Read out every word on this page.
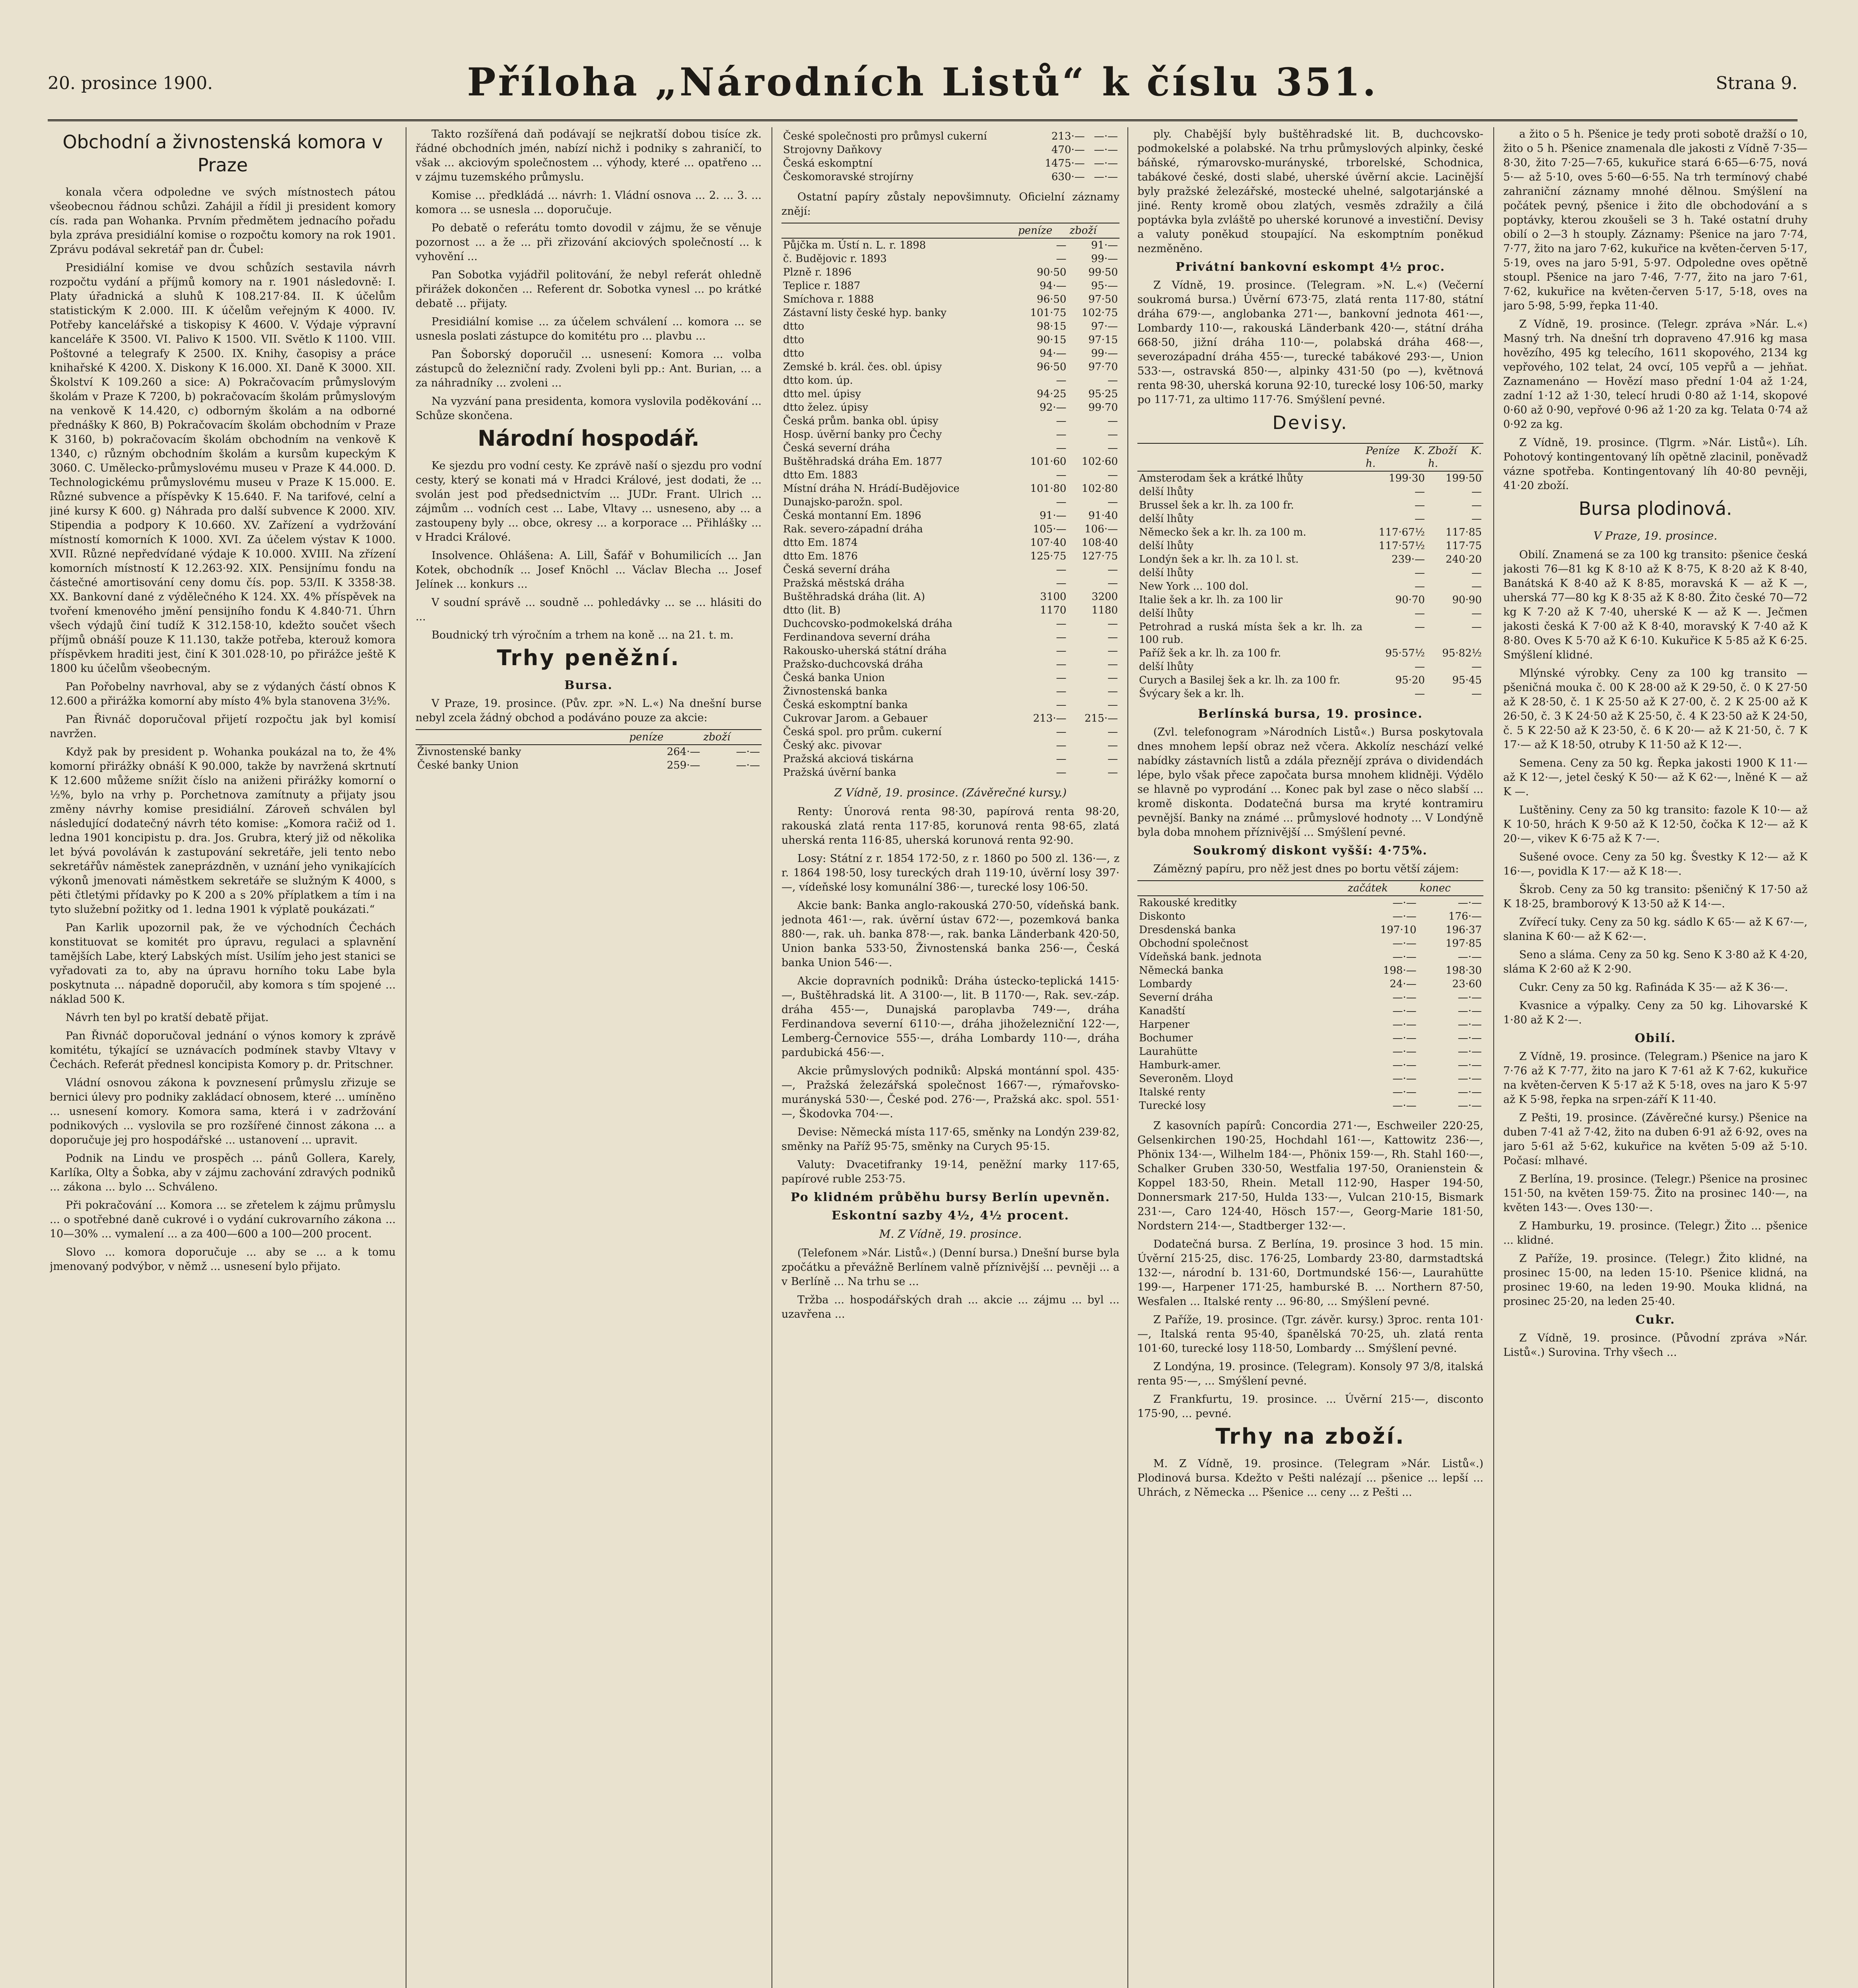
20. prosince 1900.	Příloha „Národních Listů“ k číslu 351.	Strana 9.
Obchodní a živnostenská komora v Praze

konala včera odpoledne ve svých místnostech pátou všeobecnou řádnou schůzi. Zahájil a řídil ji president komory cís. rada pan Wohanka. Prvním předmětem jednacího pořadu byla zpráva presidiální komise o rozpočtu komory na rok 1901. Zprávu podával sekretář pan dr. Čubel:

Presidiální komise ve dvou schůzích sestavila návrh rozpočtu vydání a příjmů komory na r. 1901 následovně: I. Platy úřadnická a sluhů K 108.217·84. II. K účelům statistickým K 2.000. III. K účelům veřejným K 4000. IV. Potřeby kancelářské a tiskopisy K 4600. V. Výdaje výpravní kanceláře K 3500. VI. Palivo K 1500. VII. Světlo K 1100. VIII. Poštovné a telegrafy K 2500. IX. Knihy, časopisy a práce knihařské K 4200. X. Diskony K 16.000. XI. Daně K 3000. XII. Školství K 109.260 a sice: A) Pokračovacím průmyslovým školám v Praze K 7200, b) pokračovacím školám průmyslovým na venkově K 14.420, c) odborným školám a na odborné přednášky K 860, B) Pokračovacím školám obchodním v Praze K 3160, b) pokračovacím školám obchodním na venkově K 1340, c) různým obchodním školám a kursům kupeckým K 3060. C. Umělecko-průmyslovému museu v Praze K 44.000. D. Technologickému průmyslovému museu v Praze K 15.000. E. Různé subvence a příspěvky K 15.640. F. Na tarifové, celní a jiné kursy K 600. g) Náhrada pro další subvence K 2000. XIV. Stipendia a podpory K 10.660. XV. Zařízení a vydržování místností komorních K 1000. XVI. Za účelem výstav K 1000. XVII. Různé nepředvídané výdaje K 10.000. XVIII. Na zřízení komorních místností K 12.263·92. XIX. Pensijnímu fondu na částečné amortisování ceny domu čís. pop. 53/II. K 3358·38. XX. Bankovní dané z výdělečného K 124. XX. 4% příspěvek na tvoření kmenového jmění pensijního fondu K 4.840·71. Úhrn všech výdajů činí tudíž K 312.158·10, kdežto součet všech příjmů obnáší pouze K 11.130, takže potřeba, kterouž komora příspěvkem hraditi jest, činí K 301.028·10, po přirážce ještě K 1800 ku účelům všeobecným.

Pan Pořobelny navrhoval, aby se z výdaných částí obnos K 12.600 a přirážka komorní aby místo 4% byla stanovena 3½%.

Pan Řivnáč doporučoval přijetí rozpočtu jak byl komisí navržen.

Když pak by president p. Wohanka poukázal na to, že 4% komorní přirážky obnáší K 90.000, takže by navržená skrtnutí K 12.600 můžeme snížit číslo na aniženi přirážky komorní o ½%, bylo na vrhy p. Porchetnova zamítnuty a přijaty jsou změny návrhy komise presidiální. Zároveň schválen byl následující dodatečný návrh této komise: „Komora račiž od 1. ledna 1901 koncipistu p. dra. Jos. Grubra, který již od několika let bývá povoláván k zastupování sekretáře, jeli tento nebo sekretářův náměstek zaneprázdněn, v uznání jeho vynikajících výkonů jmenovati náměstkem sekretáře se služným K 4000, s pěti čtletými přídavky po K 200 a s 20% příplatkem a tím i na tyto služební požitky od 1. ledna 1901 k výplatě poukázati.“

Pan Karlik upozornil pak, že ve východních Čechách konstituovat se komitét pro úpravu, regulaci a splavnění tamějších Labe, který Labských míst. Usilím jeho jest stanici se vyřadovati za to, aby na úpravu horního toku Labe byla poskytnuta ... nápadně doporučil, aby komora s tím spojené ... náklad 500 K.

Návrh ten byl po kratší debatě přijat.

Pan Řivnáč doporučoval jednání o výnos komory k zprávě komitétu, týkající se uznávacích podmínek stavby Vltavy v Čechách. Referát přednesl koncipista Komory p. dr. Pritschner.

Vládní osnovou zákona k povznesení průmyslu zřizuje se bernici úlevy pro podniky zakládací obnosem, které ... umíněno ... usnesení komory. Komora sama, která i v zadržování podnikových ... vyslovila se pro rozšířené činnost zákona ... a doporučuje jej pro hospodářské ... ustanovení ... upravit.

Podnik na Lindu ve prospěch ... pánů Gollera, Karely, Karlíka, Olty a Šobka, aby v zájmu zachování zdravých podniků ... zákona ... bylo ... Schváleno.

Při pokračování ... Komora ... se zřetelem k zájmu průmyslu ... o spotřebné daně cukrové i o vydání cukrovarního zákona ... 10—30% ... vymalení ... a za 400—600 a 100—200 procent.

Slovo ... komora doporučuje ... aby se ... a k tomu jmenovaný podvýbor, v němž ... usnesení bylo přijato.

Takto rozšířená daň podávají se nejkratší dobou tisíce zk. řádné obchodních jmén, nabízí nichž i podniky s zahraničí, to však ... akciovým společnostem ... výhody, které ... opatřeno ... v zájmu tuzemského průmyslu.

Komise ... předkládá ... návrh: 1. Vládní osnova ... 2. ... 3. ... komora ... se usnesla ... doporučuje.

Po debatě o referátu tomto dovodil v zájmu, že se věnuje pozornost ... a že ... při zřizování akciových společností ... k vyhovění ...

Pan Sobotka vyjádřil politování, že nebyl referát ohledně přirážek dokončen ... Referent dr. Sobotka vynesl ... po krátké debatě ... přijaty.

Presidiální komise ... za účelem schválení ... komora ... se usnesla poslati zástupce do komitétu pro ... plavbu ...

Pan Šoborský doporučil ... usnesení: Komora ... volba zástupců do železniční rady. Zvoleni byli pp.: Ant. Burian, ... a za náhradníky ... zvoleni ...

Na vyzvání pana presidenta, komora vyslovila poděkování ... Schůze skončena.

Národní hospodář.

Ke sjezdu pro vodní cesty. Ke zprávě naší o sjezdu pro vodní cesty, který se konati má v Hradci Králové, jest dodati, že ... svolán jest pod předsednictvím ... JUDr. Frant. Ulrich ... zájmům ... vodních cest ... Labe, Vltavy ... usneseno, aby ... a zastoupeny byly ... obce, okresy ... a korporace ... Přihlášky ... v Hradci Králové.

Insolvence. Ohlášena: A. Lill, Šafář v Bohumilicích ... Jan Kotek, obchodník ... Josef Knöchl ... Václav Blecha ... Josef Jelínek ... konkurs ...

V soudní správě ... soudně ... pohledávky ... se ... hlásiti do ...

Boudnický trh výročním a trhem na koně ... na 21. t. m.

Trhy peněžní.
Bursa.

V Praze, 19. prosince. (Pův. zpr. »N. L.«) Na dnešní burse nebyl zcela žádný obchod a podáváno pouze za akcie:

	peníze	zboží
Živnostenské banky	264·—	—·—
České banky Union	259·—	—·—
České společnosti pro průmysl cukerní	213·—	—·—
Strojovny Daňkovy	470·—	—·—
Česká eskomptní	1475·—	—·—
Českomoravské strojírny	630·—	—·—

Ostatní papíry zůstaly nepovšimnuty. Oficielní záznamy znějí:

	peníze	zboží
Půjčka m. Ústí n. L. r. 1898	—	91·—
č. Budějovic r. 1893	—	99·—
Plzně r. 1896	90·50	99·50
Teplice r. 1887	94·—	95·—
Smíchova r. 1888	96·50	97·50
Zástavní listy české hyp. banky	101·75	102·75
dtto	98·15	97·—
dtto	90·15	97·15
dtto	94·—	99·—
Zemské b. král. čes. obl. úpisy	96·50	97·70
dtto kom. úp.	—	—
dtto mel. úpisy	94·25	95·25
dtto želez. úpisy	92·—	99·70
Česká prům. banka obl. úpisy	—	—
Hosp. úvěrní banky pro Čechy	—	—
Česká severní dráha	—	—
Buštěhradská dráha Em. 1877	101·60	102·60
dtto Em. 1883	—	—
Místní dráha N. Hrádí-Budějovice	101·80	102·80
Dunajsko-parožn. spol.	—	—
Česká montanní Em. 1896	91·—	91·40
Rak. severo-západní dráha	105·—	106·—
dtto Em. 1874	107·40	108·40
dtto Em. 1876	125·75	127·75
Česká severní dráha	—	—
Pražská městská dráha	—	—
Buštěhradská dráha (lit. A)	3100	3200
dtto (lit. B)	1170	1180
Duchcovsko-podmokelská dráha	—	—
Ferdinandova severní dráha	—	—
Rakousko-uherská státní dráha	—	—
Pražsko-duchcovská dráha	—	—
Česká banka Union	—	—
Živnostenská banka	—	—
Česká eskomptní banka	—	—
Cukrovar Jarom. a Gebauer	213·—	215·—
Česká spol. pro prům. cukerní	—	—
Český akc. pivovar	—	—
Pražská akciová tiskárna	—	—
Pražská úvěrní banka	—	—
Z Vídně, 19. prosince. (Závěrečné kursy.)

Renty: Únorová renta 98·30, papírová renta 98·20, rakouská zlatá renta 117·85, korunová renta 98·65, zlatá uherská renta 116·85, uherská korunová renta 92·90.

Losy: Státní z r. 1854 172·50, z r. 1860 po 500 zl. 136·—, z r. 1864 198·50, losy tureckých drah 119·10, úvěrní losy 397·—, vídeňské losy komunální 386·—, turecké losy 106·50.

Akcie bank: Banka anglo-rakouská 270·50, vídeňská bank. jednota 461·—, rak. úvěrní ústav 672·—, pozemková banka 880·—, rak. uh. banka 878·—, rak. banka Länderbank 420·50, Union banka 533·50, Živnostenská banka 256·—, Česká banka Union 546·—.

Akcie dopravních podniků: Dráha ústecko-teplická 1415·—, Buštěhradská lit. A 3100·—, lit. B 1170·—, Rak. sev.-záp. dráha 455·—, Dunajská paroplavba 749·—, dráha Ferdinandova severní 6110·—, dráha jihoželezniční 122·—, Lemberg-Černovice 555·—, dráha Lombardy 110·—, dráha pardubická 456·—.

Akcie průmyslových podniků: Alpská montánní spol. 435·—, Pražská železářská společnost 1667·—, rýmařovsko-murányská 530·—, České pod. 276·—, Pražská akc. spol. 551·—, Škodovka 704·—.

Devise: Německá místa 117·65, směnky na Londýn 239·82, směnky na Paříž 95·75, směnky na Curych 95·15.

Valuty: Dvacetifranky 19·14, peněžní marky 117·65, papírové ruble 253·75.

Po klidném průběhu bursy Berlín upevněn.
Eskontní sazby 4½, 4½ procent.
M. Z Vídně, 19. prosince.

(Telefonem »Nár. Listů«.) (Denní bursa.) Dnešní burse byla zpočátku a převážně Berlínem valně příznivější ... pevněji ... a v Berlíně ... Na trhu se ...

Tržba ... hospodářských drah ... akcie ... zájmu ... byl ... uzavřena ...

ply. Chabější byly buštěhradské lit. B, duchcovsko-podmokelské a polabské. Na trhu průmyslových alpinky, české báňské, rýmarovsko-murányské, trborelské, Schodnica, tabákové české, dosti slabé, uherské úvěrní akcie. Lacinější byly pražské železářské, mostecké uhelné, salgotarjánské a jiné. Renty kromě obou zlatých, vesměs zdražily a čilá poptávka byla zvláště po uherské korunové a investiční. Devisy a valuty poněkud stoupající. Na eskomptním poněkud nezměněno.

Privátní bankovní eskompt 4½ proc.

Z Vídně, 19. prosince. (Telegram. »N. L.«) (Večerní soukromá bursa.) Úvěrní 673·75, zlatá renta 117·80, státní dráha 679·—, anglobanka 271·—, bankovní jednota 461·—, Lombardy 110·—, rakouská Länderbank 420·—, státní dráha 668·50, jižní dráha 110·—, polabská dráha 468·—, severozápadní dráha 455·—, turecké tabákové 293·—, Union 533·—, ostravská 850·—, alpinky 431·50 (po —), květnová renta 98·30, uherská koruna 92·10, turecké losy 106·50, marky po 117·71, za ultimo 117·76. Smýšlení pevné.

Devisy.
	Peníze K. h.	Zboží K. h.
Amsterodam šek a krátké lhůty	199·30	199·50
delší lhůty	—	—
Brussel šek a kr. lh. za 100 fr.	—	—
delší lhůty	—	—
Německo šek a kr. lh. za 100 m.	117·67½	117·85
delší lhůty	117·57½	117·75
Londýn šek a kr. lh. za 10 l. st.	239·—	240·20
delší lhůty	—	—
New York ... 100 dol.	—	—
Italie šek a kr. lh. za 100 lir	90·70	90·90
delší lhůty	—	—
Petrohrad a ruská místa šek a kr. lh. za 100 rub.	—	—
Paříž šek a kr. lh. za 100 fr.	95·57½	95·82½
delší lhůty	—	—
Curych a Basilej šek a kr. lh. za 100 fr.	95·20	95·45
Švýcary šek a kr. lh.	—	—
Berlínská bursa, 19. prosince.

(Zvl. telefonogram »Národních Listů«.) Bursa poskytovala dnes mnohem lepší obraz než včera. Akkolíz neschází velké nabídky zástavních listů a zdála přeznějí zpráva o dividendách lépe, bylo však přece započata bursa mnohem klidněji. Výdělo se hlavně po vyprodání ... Konec pak byl zase o něco slabší ... kromě diskonta. Dodatečná bursa ma kryté kontramiru pevnější. Banky na známé ... průmyslové hodnoty ... V Londýně byla doba mnohem příznivější ... Smýšlení pevné.

Soukromý diskont vyšší: 4·75%.

Zámězný papíru, pro něž jest dnes po bortu větší zájem:

	začátek	konec
Rakouské kreditky	—·—	—·—
Diskonto	—·—	176·—
Dresdenská banka	197·10	196·37
Obchodní společnost	—·—	197·85
Vídeňská bank. jednota	—·—	—·—
Německá banka	198·—	198·30
Lombardy	24·—	23·60
Severní dráha	—·—	—·—
Kanadští	—·—	—·—
Harpener	—·—	—·—
Bochumer	—·—	—·—
Laurahütte	—·—	—·—
Hamburk-amer.	—·—	—·—
Severoněm. Lloyd	—·—	—·—
Italské renty	—·—	—·—
Turecké losy	—·—	—·—

Z kasovních papírů: Concordia 271·—, Eschweiler 220·25, Gelsenkirchen 190·25, Hochdahl 161·—, Kattowitz 236·—, Phönix 134·—, Wilhelm 184·—, Phönix 159·—, Rh. Stahl 160·—, Schalker Gruben 330·50, Westfalia 197·50, Oranienstein & Koppel 183·50, Rhein. Metall 112·90, Hasper 194·50, Donnersmark 217·50, Hulda 133·—, Vulcan 210·15, Bismark 231·—, Caro 124·40, Hösch 157·—, Georg-Marie 181·50, Nordstern 214·—, Stadtberger 132·—.

Dodatečná bursa. Z Berlína, 19. prosince 3 hod. 15 min. Úvěrní 215·25, disc. 176·25, Lombardy 23·80, darmstadtská 132·—, národní b. 131·60, Dortmundské 156·—, Laurahütte 199·—, Harpener 171·25, hamburské B. ... Northern 87·50, Wesfalen ... Italské renty ... 96·80, ... Smýšlení pevné.

Z Paříže, 19. prosince. (Tgr. závěr. kursy.) 3proc. renta 101·—, Italská renta 95·40, španělská 70·25, uh. zlatá renta 101·60, turecké losy 118·50, Lombardy ... Smýšlení pevné.

Z Londýna, 19. prosince. (Telegram). Konsoly 97 3/8, italská renta 95·—, ... Smýšlení pevné.

Z Frankfurtu, 19. prosince. ... Úvěrní 215·—, disconto 175·90, ... pevné.

Trhy na zboží.

M. Z Vídně, 19. prosince. (Telegram »Nár. Listů«.) Plodinová bursa. Kdežto v Pešti nalézají ... pšenice ... lepší ... Uhrách, z Německa ... Pšenice ... ceny ... z Pešti ...

a žito o 5 h. Pšenice je tedy proti sobotě dražší o 10, žito o 5 h. Pšenice znamenala dle jakosti z Vídně 7·35—8·30, žito 7·25—7·65, kukuřice stará 6·65—6·75, nová 5·— až 5·10, oves 5·60—6·55. Na trh termínový chabé zahraniční záznamy mnohé dělnou. Smýšlení na počátek pevný, pšenice i žito dle obchodování a s poptávky, kterou zkoušeli se 3 h. Také ostatní druhy obilí o 2—3 h stouply. Záznamy: Pšenice na jaro 7·74, 7·77, žito na jaro 7·62, kukuřice na květen-červen 5·17, 5·19, oves na jaro 5·91, 5·97. Odpoledne oves opětně stoupl. Pšenice na jaro 7·46, 7·77, žito na jaro 7·61, 7·62, kukuřice na květen-červen 5·17, 5·18, oves na jaro 5·98, 5·99, řepka 11·40.

Z Vídně, 19. prosince. (Telegr. zpráva »Nár. L.«) Masný trh. Na dnešní trh dopraveno 47.916 kg masa hovězího, 495 kg telecího, 1611 skopového, 2134 kg vepřového, 102 telat, 24 ovcí, 105 vepřů a — jehňat. Zaznamenáno — Hovězí maso přední 1·04 až 1·24, zadní 1·12 až 1·30, telecí hrudi 0·80 až 1·14, skopové 0·60 až 0·90, vepřové 0·96 až 1·20 za kg. Telata 0·74 až 0·92 za kg.

Z Vídně, 19. prosince. (Tlgrm. »Nár. Listů«). Líh. Pohotový kontingentovaný líh opětně zlacinil, poněvadž vázne spotřeba. Kontingentovaný líh 40·80 pevněji, 41·20 zboží.

Bursa plodinová.
V Praze, 19. prosince.

Obilí. Znamená se za 100 kg transito: pšenice česká jakosti 76—81 kg K 8·10 až K 8·75, K 8·20 až K 8·40, Banátská K 8·40 až K 8·85, moravská K — až K —, uherská 77—80 kg K 8·35 až K 8·80. Žito české 70—72 kg K 7·20 až K 7·40, uherské K — až K —. Ječmen jakosti česká K 7·00 až K 8·40, moravský K 7·40 až K 8·80. Oves K 5·70 až K 6·10. Kukuřice K 5·85 až K 6·25. Smýšlení klidné.

Mlýnské výrobky. Ceny za 100 kg transito — pšeničná mouka č. 00 K 28·00 až K 29·50, č. 0 K 27·50 až K 28·50, č. 1 K 25·50 až K 27·00, č. 2 K 25·00 až K 26·50, č. 3 K 24·50 až K 25·50, č. 4 K 23·50 až K 24·50, č. 5 K 22·50 až K 23·50, č. 6 K 20·— až K 21·50, č. 7 K 17·— až K 18·50, otruby K 11·50 až K 12·—.

Semena. Ceny za 50 kg. Řepka jakosti 1900 K 11·— až K 12·—, jetel český K 50·— až K 62·—, lněné K — až K —.

Luštěniny. Ceny za 50 kg transito: fazole K 10·— až K 10·50, hrách K 9·50 až K 12·50, čočka K 12·— až K 20·—, vikev K 6·75 až K 7·—.

Sušené ovoce. Ceny za 50 kg. Švestky K 12·— až K 16·—, povidla K 17·— až K 18·—.

Škrob. Ceny za 50 kg transito: pšeničný K 17·50 až K 18·25, bramborový K 13·50 až K 14·—.

Zvířecí tuky. Ceny za 50 kg. sádlo K 65·— až K 67·—, slanina K 60·— až K 62·—.

Seno a sláma. Ceny za 50 kg. Seno K 3·80 až K 4·20, sláma K 2·60 až K 2·90.

Cukr. Ceny za 50 kg. Rafináda K 35·— až K 36·—.

Kvasnice a výpalky. Ceny za 50 kg. Lihovarské K 1·80 až K 2·—.

Obilí.

Z Vídně, 19. prosince. (Telegram.) Pšenice na jaro K 7·76 až K 7·77, žito na jaro K 7·61 až K 7·62, kukuřice na květen-červen K 5·17 až K 5·18, oves na jaro K 5·97 až K 5·98, řepka na srpen-září K 11·40.

Z Pešti, 19. prosince. (Závěrečné kursy.) Pšenice na duben 7·41 až 7·42, žito na duben 6·91 až 6·92, oves na jaro 5·61 až 5·62, kukuřice na květen 5·09 až 5·10. Počasí: mlhavé.

Z Berlína, 19. prosince. (Telegr.) Pšenice na prosinec 151·50, na květen 159·75. Žito na prosinec 140·—, na květen 143·—. Oves 130·—.

Z Hamburku, 19. prosince. (Telegr.) Žito ... pšenice ... klidné.

Z Paříže, 19. prosince. (Telegr.) Žito klidné, na prosinec 15·00, na leden 15·10. Pšenice klidná, na prosinec 19·60, na leden 19·90. Mouka klidná, na prosinec 25·20, na leden 25·40.

Cukr.

Z Vídně, 19. prosince. (Původní zpráva »Nár. Listů«.) Surovina. Trhy všech ...
